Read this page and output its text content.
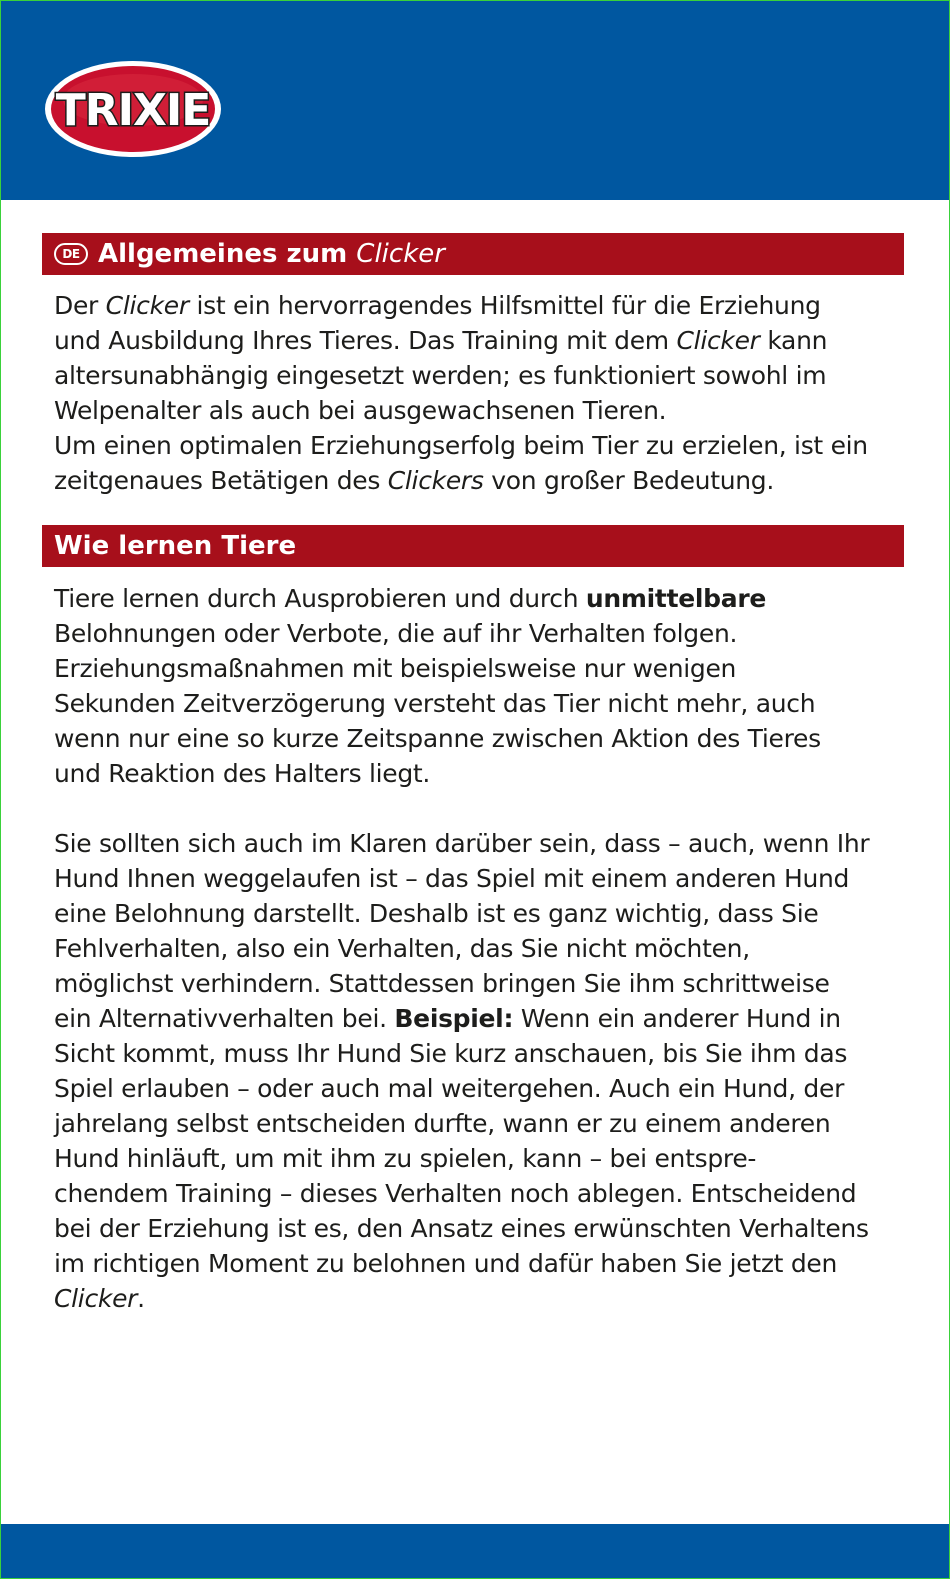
TRIXIE
DE Allgemeines zum
Clicker

Der Clicker ist ein hervorragendes Hilfsmittel für die Erziehung
und Ausbildung Ihres Tieres. Das Training mit dem Clicker kann
altersunabhängig eingesetzt werden; es funktioniert sowohl im
Welpenalter als auch bei ausgewachsenen Tieren.
Um einen optimalen Erziehungserfolg beim Tier zu erzielen, ist ein
zeitgenaues Betätigen des Clickers von großer Bedeutung.

Wie lernen Tiere

Tiere lernen durch Ausprobieren und durch unmittelbare
Belohnungen oder Verbote, die auf ihr Verhalten folgen.
Erziehungsmaßnahmen mit beispielsweise nur wenigen
Sekunden Zeitverzögerung versteht das Tier nicht mehr, auch
wenn nur eine so kurze Zeitspanne zwischen Aktion des Tieres
und Reaktion des Halters liegt.

Sie sollten sich auch im Klaren darüber sein, dass – auch, wenn Ihr
Hund Ihnen weggelaufen ist – das Spiel mit einem anderen Hund
eine Belohnung darstellt. Deshalb ist es ganz wichtig, dass Sie
Fehlverhalten, also ein Verhalten, das Sie nicht möchten,
möglichst verhindern. Stattdessen bringen Sie ihm schrittweise
ein Alternativverhalten bei. Beispiel: Wenn ein anderer Hund in
Sicht kommt, muss Ihr Hund Sie kurz anschauen, bis Sie ihm das
Spiel erlauben – oder auch mal weitergehen. Auch ein Hund, der
jahrelang selbst entscheiden durfte, wann er zu einem anderen
Hund hinläuft, um mit ihm zu spielen, kann – bei entspre-
chendem Training – dieses Verhalten noch ablegen. Entscheidend
bei der Erziehung ist es, den Ansatz eines erwünschten Verhaltens
im richtigen Moment zu belohnen und dafür haben Sie jetzt den
Clicker.
